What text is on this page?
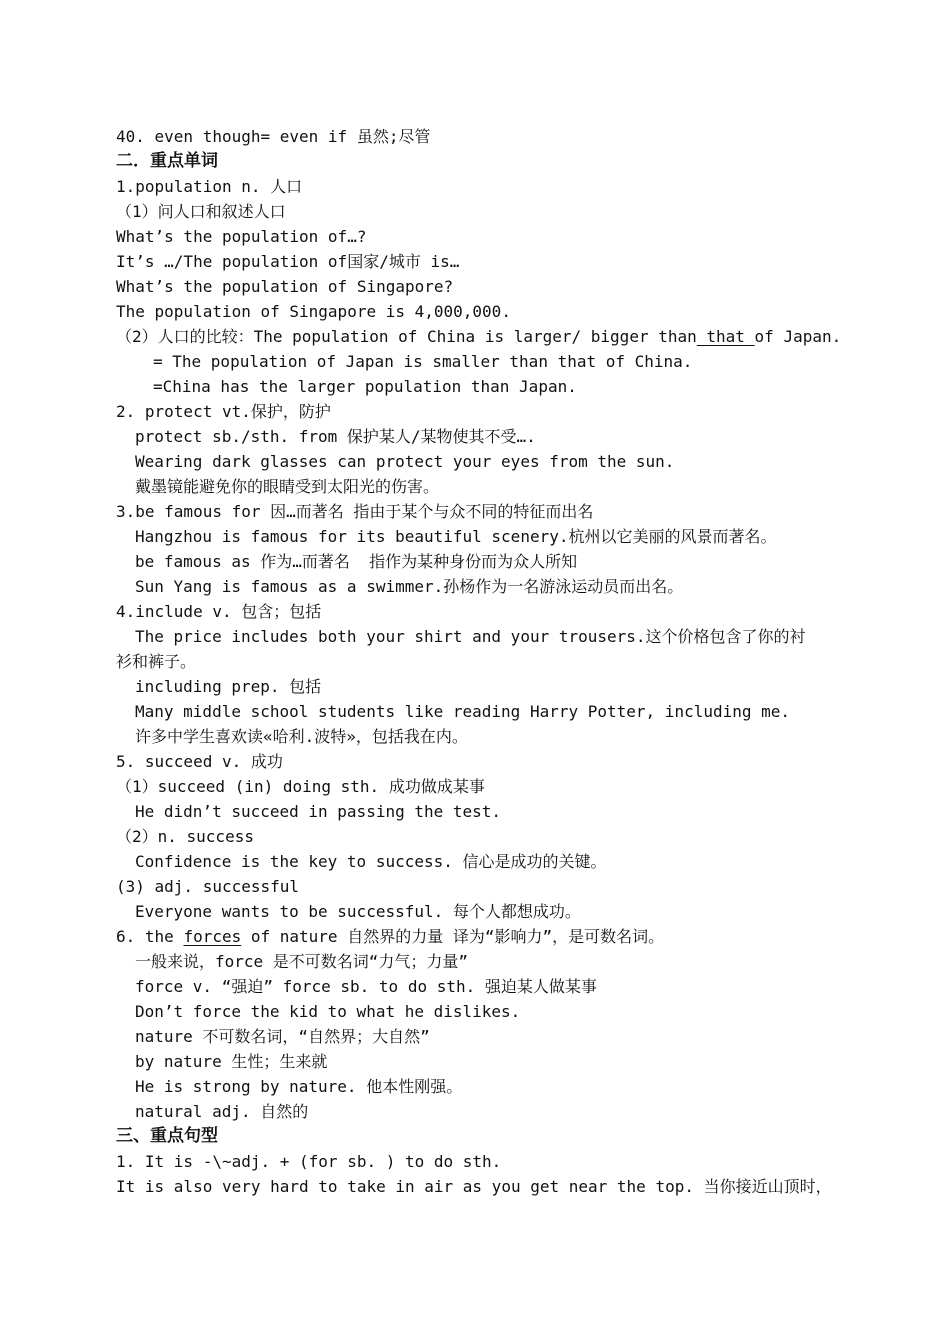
40. even though= even if 虽然;尽管
二．重点单词
1.population n. 人口
（1）问人口和叙述人口
What’s the population of…?
It’s …/The population of国家/城市 is…
What’s the population of Singapore?
The population of Singapore is 4,000,000.
（2）人口的比较：The population of China is larger/ bigger than that of Japan.
= The population of Japan is smaller than that of China.
=China has the larger population than Japan.
2. protect vt.保护，防护
protect sb./sth. from 保护某人/某物使其不受….
Wearing dark glasses can protect your eyes from the sun.
戴墨镜能避免你的眼睛受到太阳光的伤害。
3.be famous for 因…而著名 指由于某个与众不同的特征而出名
Hangzhou is famous for its beautiful scenery.杭州以它美丽的风景而著名。
be famous as 作为…而著名  指作为某种身份而为众人所知
Sun Yang is famous as a swimmer.孙杨作为一名游泳运动员而出名。
4.include v. 包含；包括
The price includes both your shirt and your trousers.这个价格包含了你的衬
衫和裤子。
including prep. 包括
Many middle school students like reading Harry Potter, including me.
许多中学生喜欢读«哈利.波特»，包括我在内。
5. succeed v. 成功
（1）succeed (in) doing sth. 成功做成某事
He didn’t succeed in passing the test.
（2）n. success
Confidence is the key to success. 信心是成功的关键。
(3) adj. successful
Everyone wants to be successful. 每个人都想成功。
6. the forces of nature 自然界的力量 译为“影响力”，是可数名词。
一般来说，force 是不可数名词“力气；力量”
force v. “强迫” force sb. to do sth. 强迫某人做某事
Don’t force the kid to what he dislikes.
nature 不可数名词，“自然界；大自然”
by nature 生性；生来就
He is strong by nature. 他本性刚强。
natural adj. 自然的
三、重点句型
1. It is -\~adj. + (for sb. ) to do sth.
It is also very hard to take in air as you get near the top. 当你接近山顶时，
